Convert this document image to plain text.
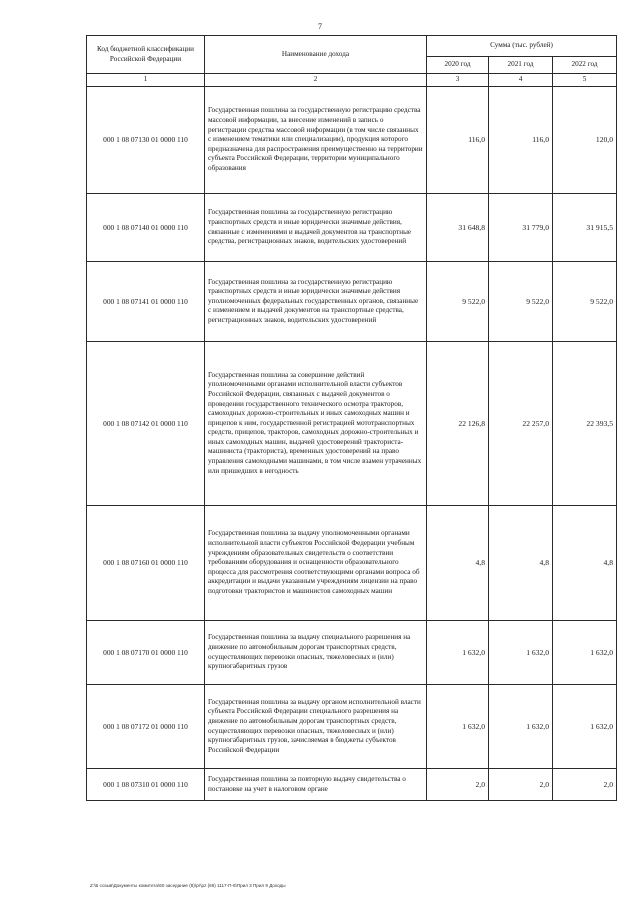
7
Код бюджетной классификации Российской Федерации	Наименование дохода	Сумма (тыс. рублей)		
		2020 год	2021 год	2022 год
1	2	3	4	5
000 1 08 07130 01 0000 110	Государственная пошлина за государственную регистрацию средства массовой информации, за внесение изменений в запись о регистрации средства массовой информации (в том числе связанных с изменением тематики или специализации), продукция которого предназначена для распространения преимущественно на территории субъекта Российской Федерации, территории муниципального образования	116,0	116,0	120,0
000 1 08 07140 01 0000 110	Государственная пошлина за государственную регистрацию транспортных средств и иные юридически значимые действия, связанные с изменениями и выдачей документов на транспортные средства, регистрационных знаков, водительских удостоверений	31 648,8	31 779,0	31 915,5
000 1 08 07141 01 0000 110	Государственная пошлина за государственную регистрацию транспортных средств и иные юридически значимые действия уполномоченных федеральных государственных органов, связанные с изменением и выдачей документов на транспортные средства, регистрационных знаков, водительских удостоверений	9 522,0	9 522,0	9 522,0
000 1 08 07142 01 0000 110	Государственная пошлина за совершение действий уполномоченными органами исполнительной власти субъектов Российской Федерации, связанных с выдачей документов о проведении государственного технического осмотра тракторов, самоходных дорожно-строительных и иных самоходных машин и прицепов к ним, государственной регистрацией мототранспортных средств, прицепов, тракторов, самоходных дорожно-строительных и иных самоходных машин, выдачей удостоверений тракториста-машиниста (тракториста), временных удостоверений на право управления самоходными машинами, в том числе взамен утраченных или пришедших в негодность	22 126,8	22 257,0	22 393,5
000 1 08 07160 01 0000 110	Государственная пошлина за выдачу уполномоченными органами исполнительной власти субъектов Российской Федерации учебным учреждениям образовательных свидетельств о соответствии требованиям оборудования и оснащенности образовательного процесса для рассмотрения соответствующими органами вопроса об аккредитации и выдачи указанным учреждениям лицензии на право подготовки трактористов и машинистов самоходных машин	4,8	4,8	4,8
000 1 08 07170 01 0000 110	Государственная пошлина за выдачу специального разрешения на движение по автомобильным дорогам транспортных средств, осуществляющих перевозки опасных, тяжеловесных и (или) крупногабаритных грузов	1 632,0	1 632,0	1 632,0
000 1 08 07172 01 0000 110	Государственная пошлина за выдачу органом исполнительной власти субъекта Российской Федерации специального разрешения на движение по автомобильным дорогам транспортных средств, осуществляющих перевозки опасных, тяжеловесных и (или) крупногабаритных грузов, зачисляемая в бюджеты субъектов Российской Федерации	1 632,0	1 632,0	1 632,0
000 1 08 07310 01 0000 110	Государственная пошлина за повторную выдачу свидетельства о постановке на учет в налоговом органе	2,0	2,0	2,0
Z:\Б созыв\Документы комитета\60 заседание (8)\pr\pz (66) 1117-П-6\Прил 3 Прил 9 Доходы
